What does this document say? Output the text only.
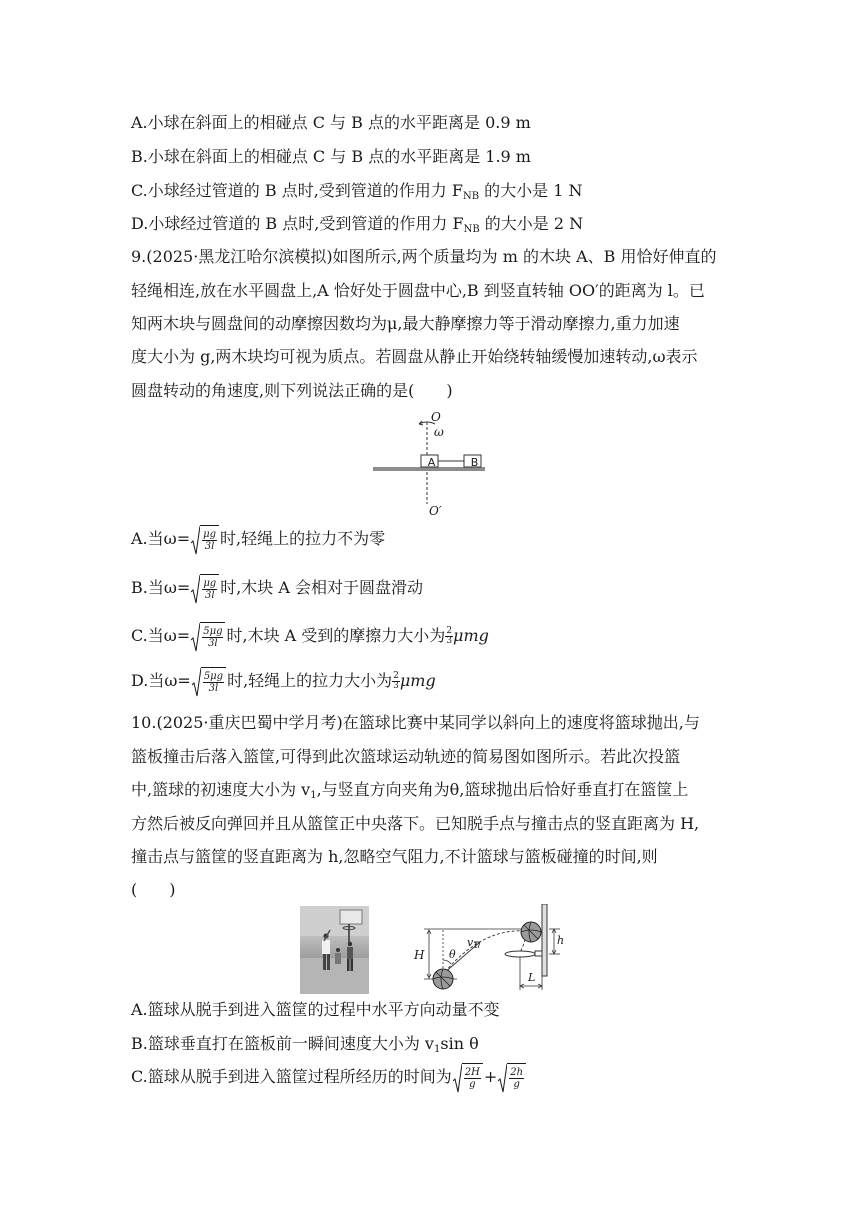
A.小球在斜面上的相碰点 C 与 B 点的水平距离是 0.9 m
B.小球在斜面上的相碰点 C 与 B 点的水平距离是 1.9 m
C.小球经过管道的 B 点时,受到管道的作用力 $F_{NB}$ 的大小是 1 N
D.小球经过管道的 B 点时,受到管道的作用力 $F_{NB}$ 的大小是 2 N
9.(2025·黑龙江哈尔滨模拟)如图所示,两个质量均为 m 的木块 A、B 用恰好伸直的
轻绳相连,放在水平圆盘上,A 恰好处于圆盘中心,B 到竖直转轴 OO′的距离为 l。已
知两木块与圆盘间的动摩擦因数均为μ,最大静摩擦力等于滑动摩擦力,重力加速
度大小为 g,两木块均可视为质点。若圆盘从静止开始绕转轴缓慢加速转动,ω表示
圆盘转动的角速度,则下列说法正确的是(　　)
O
ω
A	B
O′
A.当$\omega= \frac{\mu g}{3l}$ 时,轻绳上的拉力不为零
B.当$\omega= \frac{\mu g}{3l}$ 时,木块 A 会相对于圆盘滑动
C.当$\omega= \frac{5\mu g}{3l}$ 时,木块 A 受到的摩擦力大小为 $\frac{2}{3}$ μmg
D.当$\omega= \frac{5\mu g}{3l}$ 时,轻绳上的拉力大小为 $\frac{2}{3}$ μmg
10.(2025·重庆巴蜀中学月考)在篮球比赛中某同学以斜向上的速度将篮球抛出,与
篮板撞击后落入篮筐,可得到此次篮球运动轨迹的简易图如图所示。若此次投篮
中,篮球的初速度大小为 $v_1$,与竖直方向夹角为θ,篮球抛出后恰好垂直打在篮筐上
方然后被反向弹回并且从篮筐正中央落下。已知脱手点与撞击点的竖直距离为 H,
撞击点与篮筐的竖直距离为 h,忽略空气阻力,不计篮球与篮板碰撞的时间,则
(　　)
H θ
v1	h
L
A.篮球从脱手到进入篮筐的过程中水平方向动量不变
B.篮球垂直打在篮板前一瞬间速度大小为 $v_1\sin$ θ
C.篮球从脱手到进入篮筐过程所经历的时间为 $\frac{2H}{g} + \frac{2h}{g}$
